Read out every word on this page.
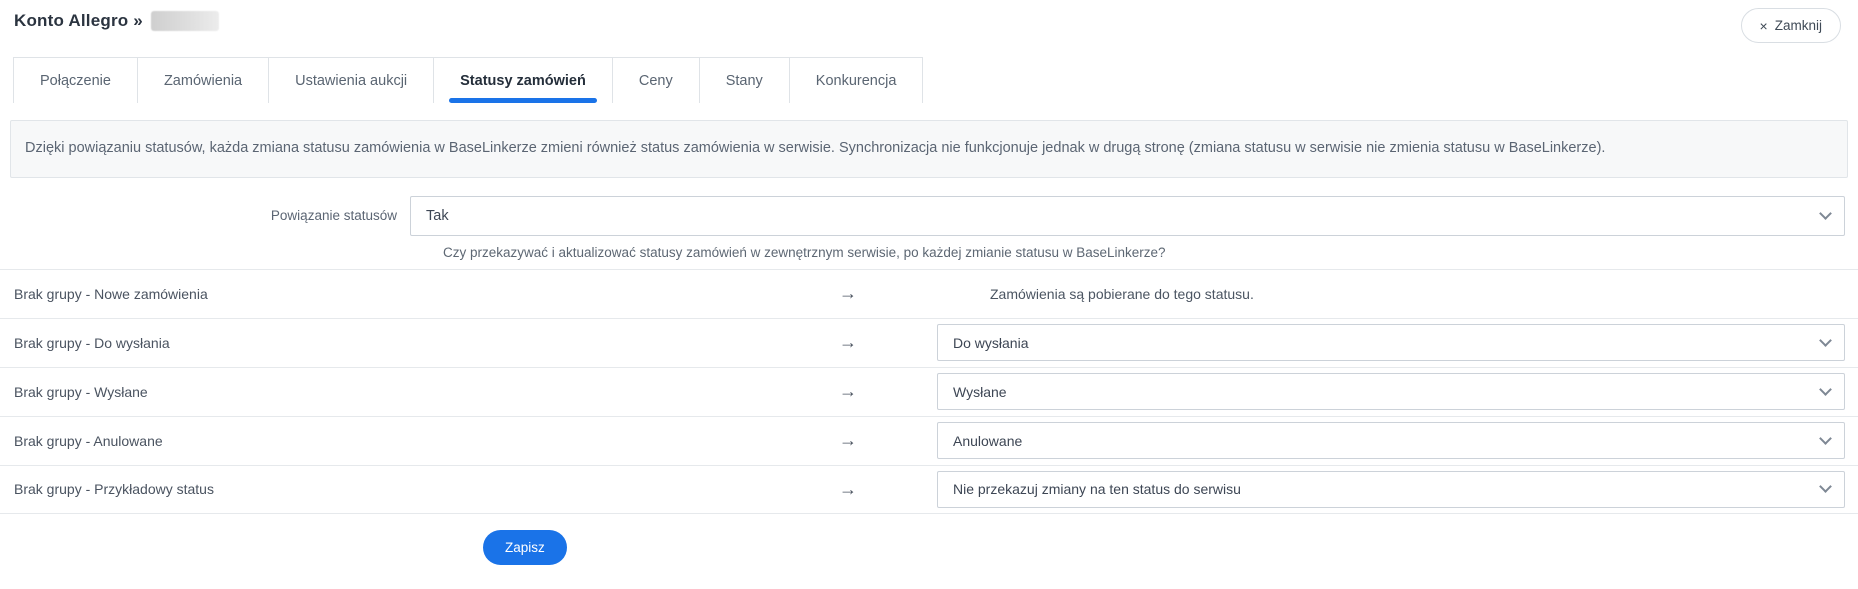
Konto Allegro »	× Zamknij
Połączenie	Zamówienia	Ustawienia aukcji	Statusy zamówień	Ceny	Stany	Konkurencja
Dzięki powiązaniu statusów, każda zmiana statusu zamówienia w BaseLinkerze zmieni również status zamówienia w serwisie. Synchronizacja nie funkcjonuje jednak w drugą stronę (zmiana statusu w serwisie nie zmienia statusu w BaseLinkerze).
Powiązanie statusów Tak
Czy przekazywać i aktualizować statusy zamówień w zewnętrznym serwisie, po każdej zmianie statusu w BaseLinkerze?
Brak grupy - Nowe zamówienia	→	Zamówienia są pobierane do tego statusu.
Brak grupy - Do wysłania	→	Do wysłania
Brak grupy - Wysłane	→	Wysłane
Brak grupy - Anulowane	→	Anulowane
Brak grupy - Przykładowy status	→	Nie przekazuj zmiany na ten status do serwisu
Zapisz
